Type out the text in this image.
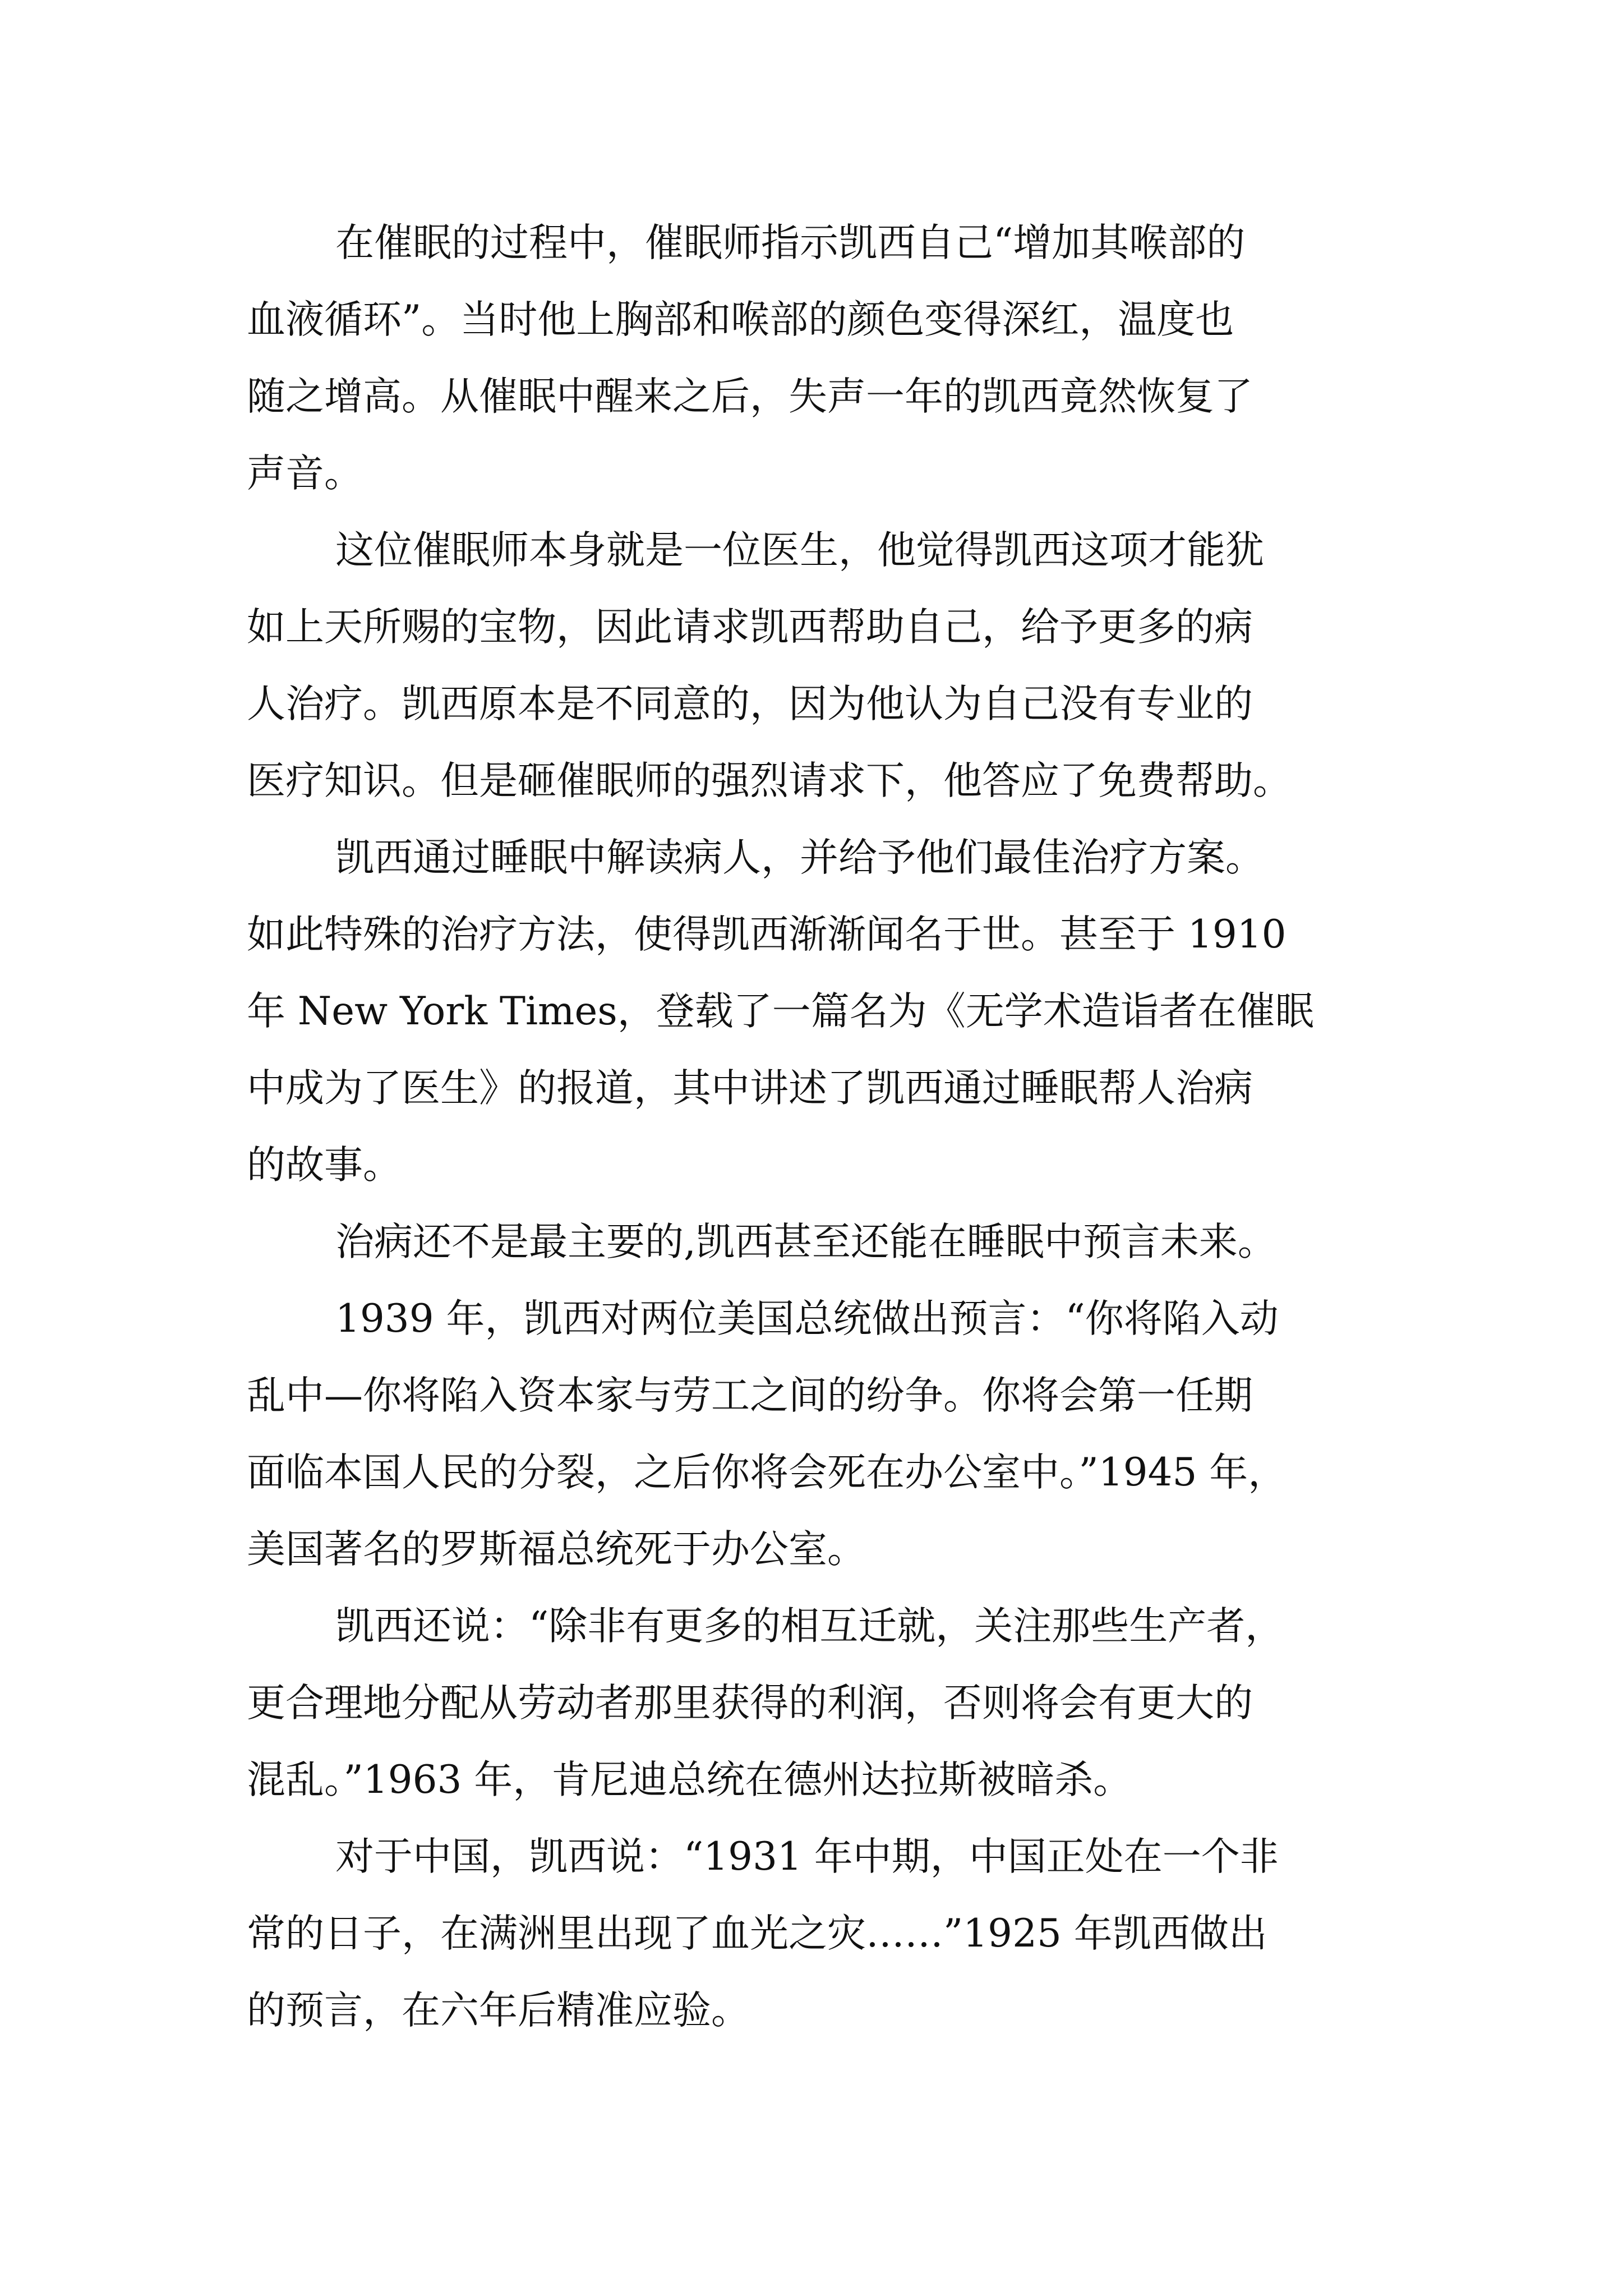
在催眠的过程中，催眠师指示凯西自己“增加其喉部的
血液循环”。当时他上胸部和喉部的颜色变得深红，温度也
随之增高。从催眠中醒来之后，失声一年的凯西竟然恢复了
声音。
这位催眠师本身就是一位医生，他觉得凯西这项才能犹
如上天所赐的宝物，因此请求凯西帮助自己，给予更多的病
人治疗。凯西原本是不同意的，因为他认为自己没有专业的
医疗知识。但是砸催眠师的强烈请求下，他答应了免费帮助。
凯西通过睡眠中解读病人，并给予他们最佳治疗方案。
如此特殊的治疗方法，使得凯西渐渐闻名于世。甚至于 1910
年 New York Times，登载了一篇名为《无学术造诣者在催眠
中成为了医生》的报道，其中讲述了凯西通过睡眠帮人治病
的故事。
治病还不是最主要的,凯西甚至还能在睡眠中预言未来。
1939 年，凯西对两位美国总统做出预言：“你将陷入动
乱中—你将陷入资本家与劳工之间的纷争。你将会第一任期
面临本国人民的分裂，之后你将会死在办公室中。”1945 年，
美国著名的罗斯福总统死于办公室。
凯西还说：“除非有更多的相互迁就，关注那些生产者，
更合理地分配从劳动者那里获得的利润，否则将会有更大的
混乱。”1963 年，肯尼迪总统在德州达拉斯被暗杀。
对于中国，凯西说：“1931 年中期，中国正处在一个非
常的日子，在满洲里出现了血光之灾……”1925 年凯西做出
的预言，在六年后精准应验。
